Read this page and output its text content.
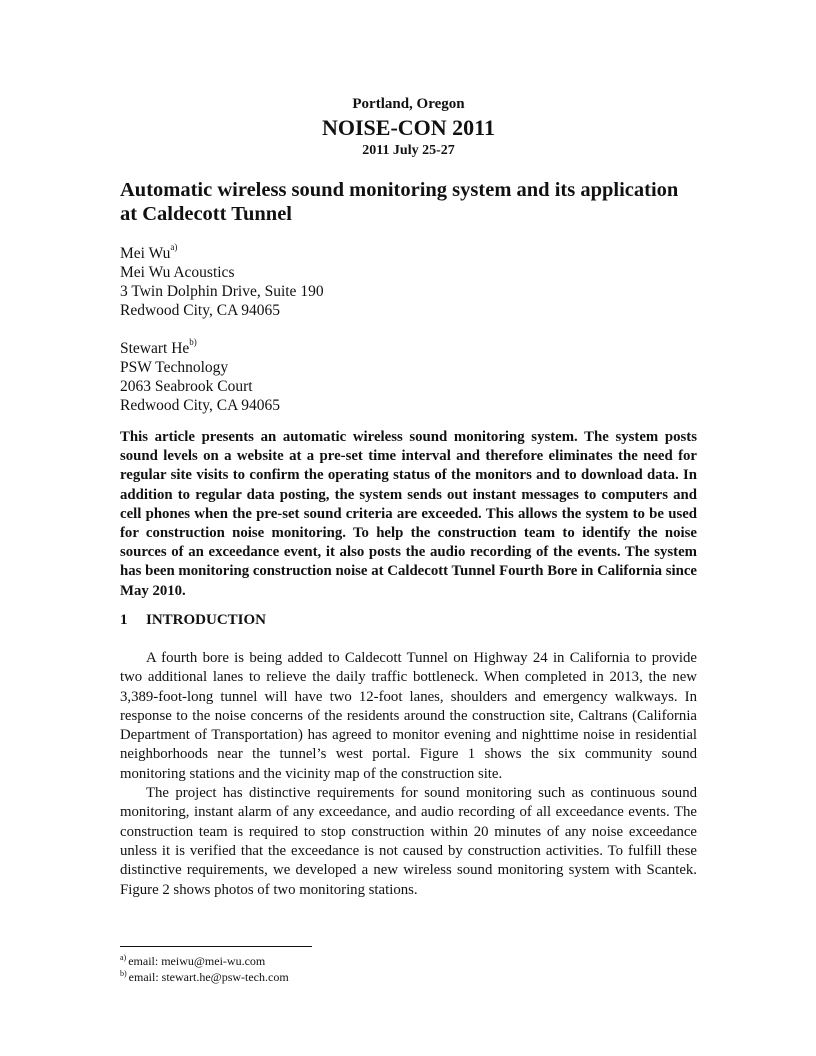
Portland, Oregon
NOISE-CON 2011
2011 July 25-27
Automatic wireless sound monitoring system and its application at Caldecott Tunnel
Mei Wu$^{a)}$
Mei Wu Acoustics
3 Twin Dolphin Drive, Suite 190
Redwood City, CA 94065
Stewart He$^{b)}$
PSW Technology
2063 Seabrook Court
Redwood City, CA 94065
This article presents an automatic wireless sound monitoring system. The system posts sound levels on a website at a pre-set time interval and therefore eliminates the need for regular site visits to confirm the operating status of the monitors and to download data. In addition to regular data posting, the system sends out instant messages to computers and cell phones when the pre-set sound criteria are exceeded. This allows the system to be used for construction noise monitoring. To help the construction team to identify the noise sources of an exceedance event, it also posts the audio recording of the events. The system has been monitoring construction noise at Caldecott Tunnel Fourth Bore in California since May 2010.
1 INTRODUCTION

A fourth bore is being added to Caldecott Tunnel on Highway 24 in California to provide two additional lanes to relieve the daily traffic bottleneck. When completed in 2013, the new 3,389-foot-long tunnel will have two 12-foot lanes, shoulders and emergency walkways. In response to the noise concerns of the residents around the construction site, Caltrans (California Department of Transportation) has agreed to monitor evening and nighttime noise in residential neighborhoods near the tunnel’s west portal. Figure 1 shows the six community sound monitoring stations and the vicinity map of the construction site.

The project has distinctive requirements for sound monitoring such as continuous sound monitoring, instant alarm of any exceedance, and audio recording of all exceedance events. The construction team is required to stop construction within 20 minutes of any noise exceedance unless it is verified that the exceedance is not caused by construction activities. To fulfill these distinctive requirements, we developed a new wireless sound monitoring system with Scantek. Figure 2 shows photos of two monitoring stations.

$^{a)}$ email: meiwu@mei-wu.com
$^{b)}$ email: stewart.he@psw-tech.com
